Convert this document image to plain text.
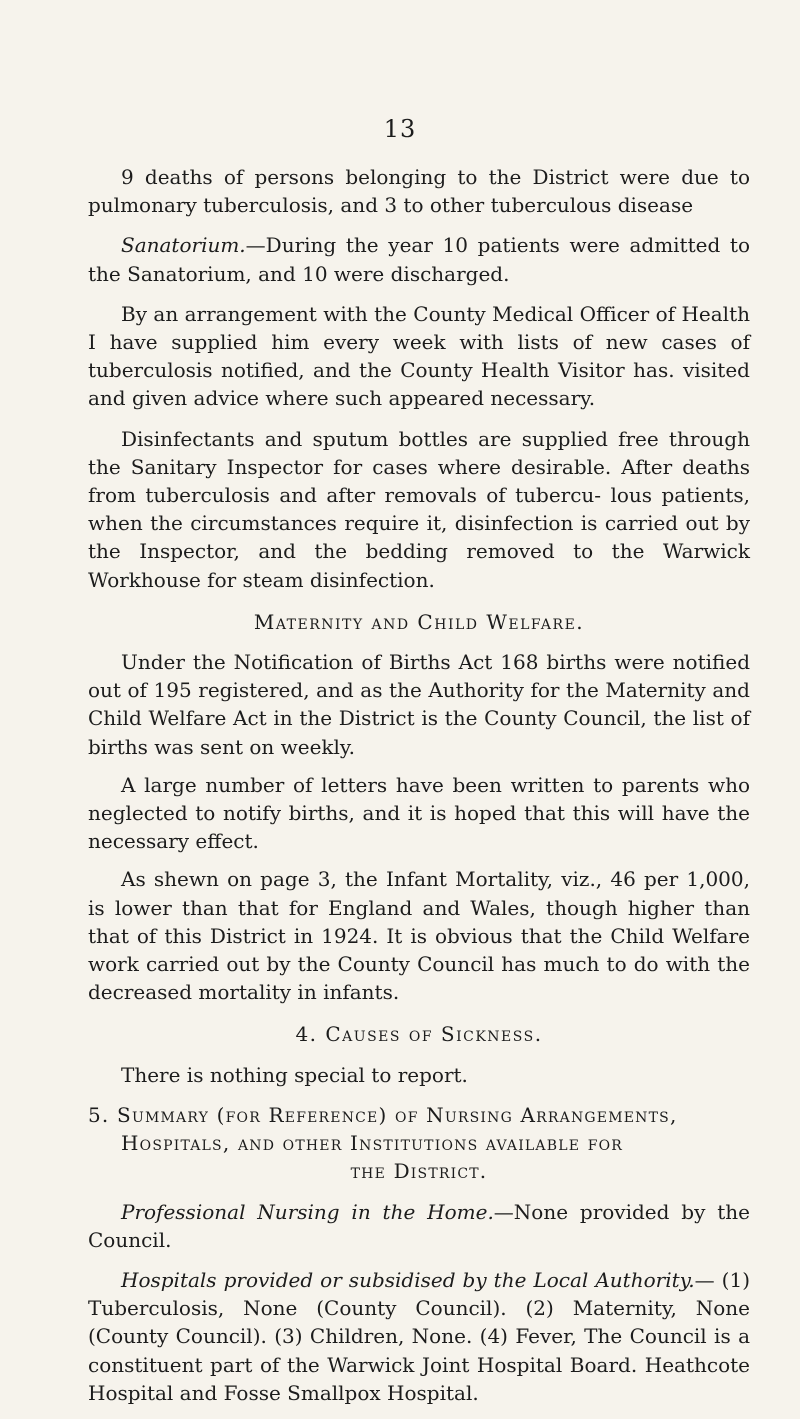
13

9 deaths of persons belonging to the District were due to pulmonary tuberculosis, and 3 to other tuberculous disease

Sanatorium.—During the year 10 patients were admitted to the Sanatorium, and 10 were discharged.

By an arrangement with the County Medical Officer of Health I have supplied him every week with lists of new cases of tuberculosis notified, and the County Health Visitor has. visited and given advice where such appeared necessary.

Disinfectants and sputum bottles are supplied free through the Sanitary Inspector for cases where desirable. After deaths from tuberculosis and after removals of tubercu- lous patients, when the circumstances require it, disinfection is carried out by the Inspector, and the bedding removed to the Warwick Workhouse for steam disinfection.

Maternity and Child Welfare.

Under the Notification of Births Act 168 births were notified out of 195 registered, and as the Authority for the Maternity and Child Welfare Act in the District is the County Council, the list of births was sent on weekly.

A large number of letters have been written to parents who neglected to notify births, and it is hoped that this will have the necessary effect.

As shewn on page 3, the Infant Mortality, viz., 46 per 1,000, is lower than that for England and Wales, though higher than that of this District in 1924. It is obvious that the Child Welfare work carried out by the County Council has much to do with the decreased mortality in infants.

4. Causes of Sickness.

There is nothing special to report.

5. Summary (for Reference) of Nursing Arrangements,
Hospitals, and other Institutions available for
the District.

Professional Nursing in the Home.—None provided by the Council.

Hospitals provided or subsidised by the Local Authority.— (1) Tuberculosis, None (County Council). (2) Maternity, None (County Council). (3) Children, None. (4) Fever, The Council is a constituent part of the Warwick Joint Hospital Board. Heathcote Hospital and Fosse Smallpox Hospital.
